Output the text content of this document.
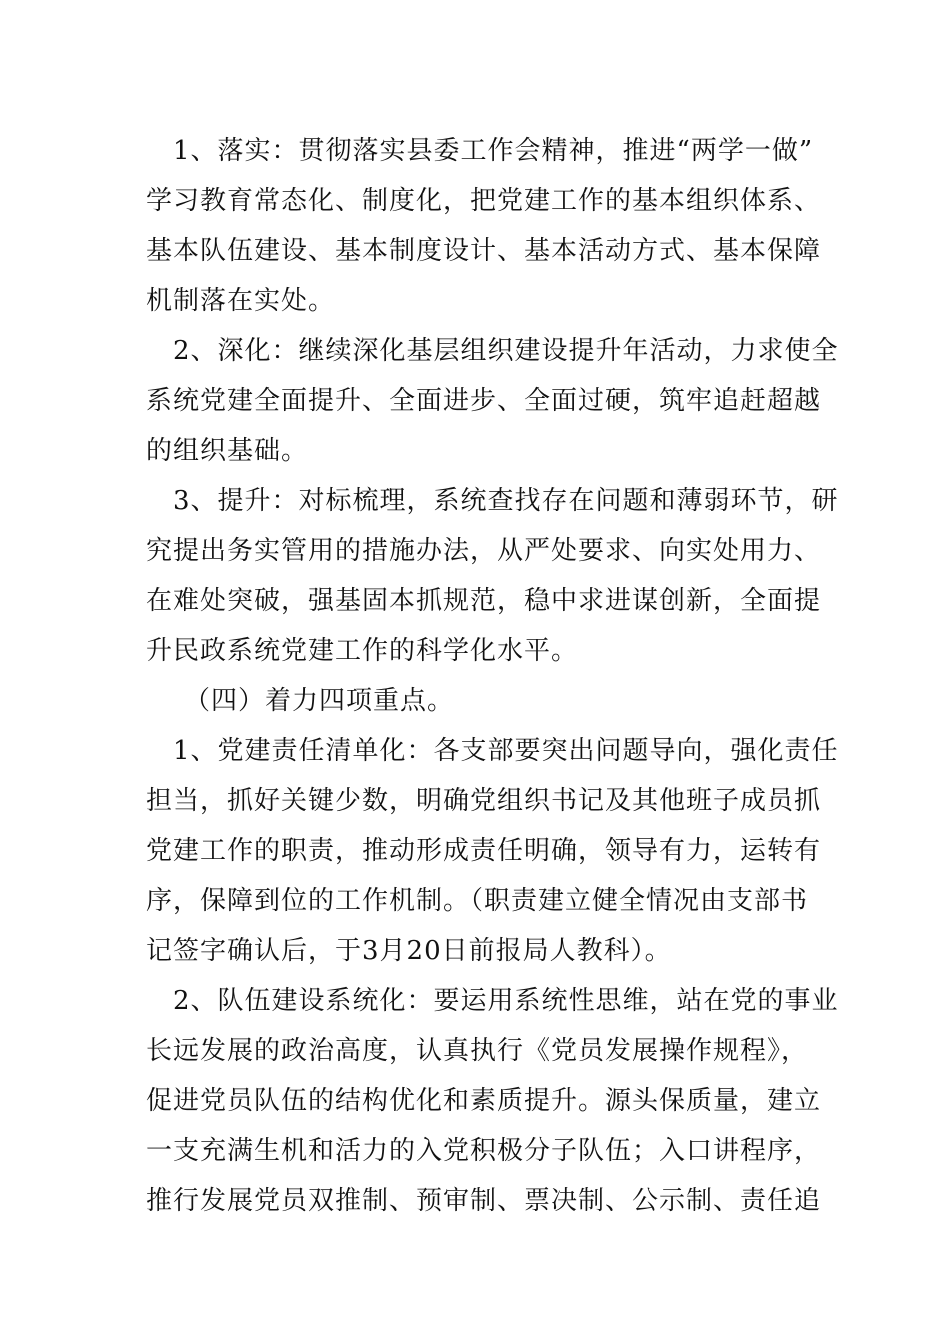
　1、落实：贯彻落实县委工作会精神，推进“两学一做”
学习教育常态化、制度化，把党建工作的基本组织体系、
基本队伍建设、基本制度设计、基本活动方式、基本保障
机制落在实处。
　2、深化：继续深化基层组织建设提升年活动，力求使全
系统党建全面提升、全面进步、全面过硬，筑牢追赶超越
的组织基础。
　3、提升：对标梳理，系统查找存在问题和薄弱环节，研
究提出务实管用的措施办法，从严处要求、向实处用力、
在难处突破，强基固本抓规范，稳中求进谋创新，全面提
升民政系统党建工作的科学化水平。
（四）着力四项重点。
　1、党建责任清单化：各支部要突出问题导向，强化责任
担当，抓好关键少数，明确党组织书记及其他班子成员抓
党建工作的职责，推动形成责任明确，领导有力，运转有
序，保障到位的工作机制。（职责建立健全情况由支部书
记签字确认后，于3月20日前报局人教科）。
　2、队伍建设系统化：要运用系统性思维，站在党的事业
长远发展的政治高度，认真执行《党员发展操作规程》，
促进党员队伍的结构优化和素质提升。源头保质量，建立
一支充满生机和活力的入党积极分子队伍；入口讲程序，
推行发展党员双推制、预审制、票决制、公示制、责任追
